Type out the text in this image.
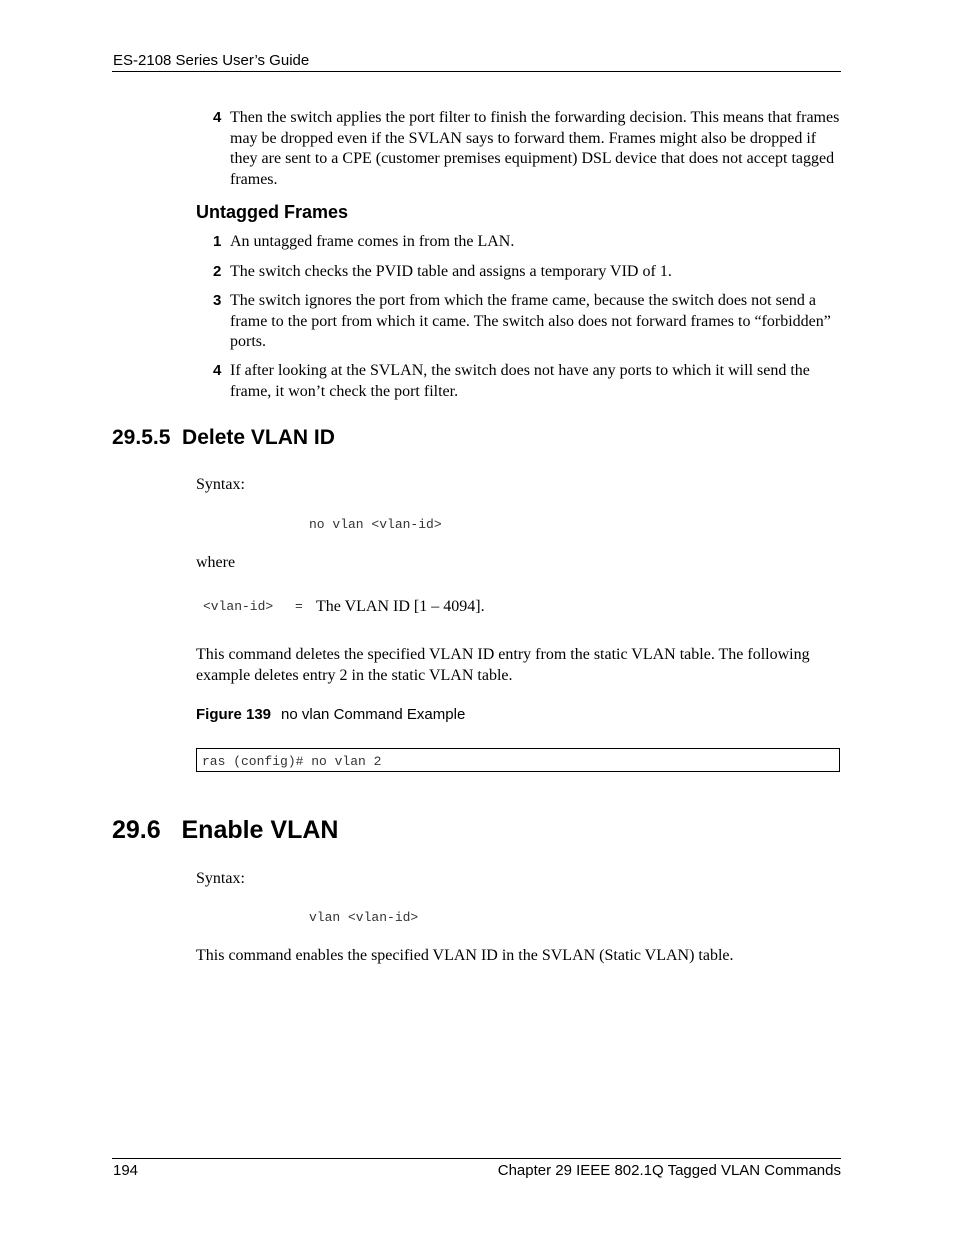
ES-2108 Series User’s Guide
4 Then the switch applies the port filter to finish the forwarding decision. This means that frames may be dropped even if the SVLAN says to forward them. Frames might also be dropped if they are sent to a CPE (customer premises equipment) DSL device that does not accept tagged frames.
Untagged Frames
1 An untagged frame comes in from the LAN.
2 The switch checks the PVID table and assigns a temporary VID of 1.
3 The switch ignores the port from which the frame came, because the switch does not send a frame to the port from which it came. The switch also does not forward frames to “forbidden” ports.
4 If after looking at the SVLAN, the switch does not have any ports to which it will send the frame, it won’t check the port filter.
29.5.5  Delete VLAN ID
Syntax:
no vlan <vlan-id>
where
<vlan-id> = The VLAN ID [1 – 4094].
This command deletes the specified VLAN ID entry from the static VLAN table. The following example deletes entry 2 in the static VLAN table.
Figure 139 no vlan Command Example
ras (config)# no vlan 2
29.6   Enable VLAN
Syntax:
vlan <vlan-id>
This command enables the specified VLAN ID in the SVLAN (Static VLAN) table.
194	Chapter 29 IEEE 802.1Q Tagged VLAN Commands
